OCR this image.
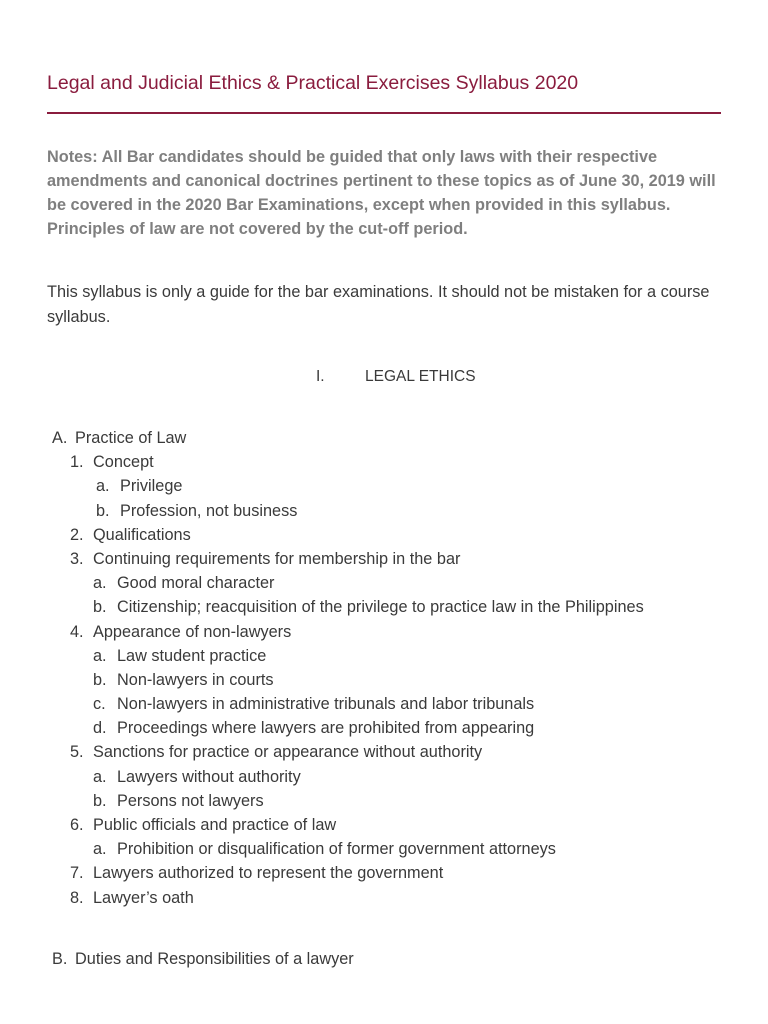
Legal and Judicial Ethics & Practical Exercises Syllabus 2020

Notes: All Bar candidates should be guided that only laws with their respective amendments and canonical doctrines pertinent to these topics as of June 30, 2019 will be covered in the 2020 Bar Examinations, except when provided in this syllabus. Principles of law are not covered by the cut-off period.

This syllabus is only a guide for the bar examinations. It should not be mistaken for a course syllabus.

I.	LEGAL ETHICS
A. Practice of Law
1. Concept
a. Privilege
b. Profession, not business
2. Qualifications
3. Continuing requirements for membership in the bar
a. Good moral character
b. Citizenship; reacquisition of the privilege to practice law in the Philippines
4. Appearance of non-lawyers
a. Law student practice
b. Non-lawyers in courts
c. Non-lawyers in administrative tribunals and labor tribunals
d. Proceedings where lawyers are prohibited from appearing
5. Sanctions for practice or appearance without authority
a. Lawyers without authority
b. Persons not lawyers
6. Public officials and practice of law
a. Prohibition or disqualification of former government attorneys
7. Lawyers authorized to represent the government
8. Lawyer’s oath
B. Duties and Responsibilities of a lawyer
